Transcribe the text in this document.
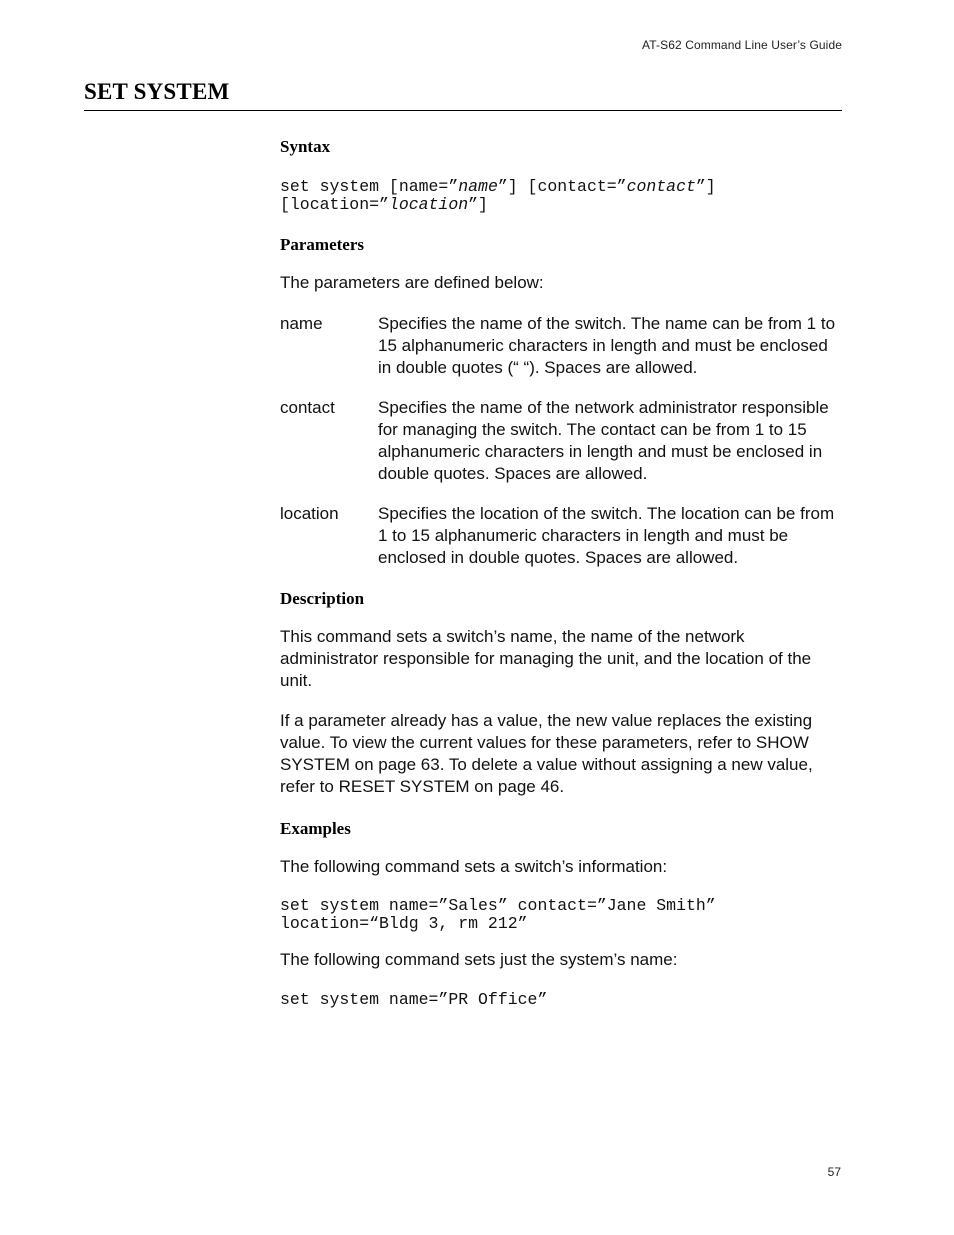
AT-S62 Command Line User’s Guide
SET SYSTEM
Syntax
set system [name=”name”] [contact=”contact”]
[location=”location”]
Parameters

The parameters are defined below:

name	Specifies the name of the switch. The name can be from 1 to 15 alphanumeric characters in length and must be enclosed in double quotes (“ “). Spaces are allowed.
contact	Specifies the name of the network administrator responsible for managing the switch. The contact can be from 1 to 15 alphanumeric characters in length and must be enclosed in double quotes. Spaces are allowed.
location	Specifies the location of the switch. The location can be from 1 to 15 alphanumeric characters in length and must be enclosed in double quotes. Spaces are allowed.
Description

This command sets a switch’s name, the name of the network administrator responsible for managing the unit, and the location of the unit.

If a parameter already has a value, the new value replaces the existing value. To view the current values for these parameters, refer to SHOW SYSTEM on page 63. To delete a value without assigning a new value, refer to RESET SYSTEM on page 46.

Examples

The following command sets a switch’s information:

set system name=”Sales” contact=”Jane Smith”
location=“Bldg 3, rm 212”

The following command sets just the system’s name:

set system name=”PR Office”
57
